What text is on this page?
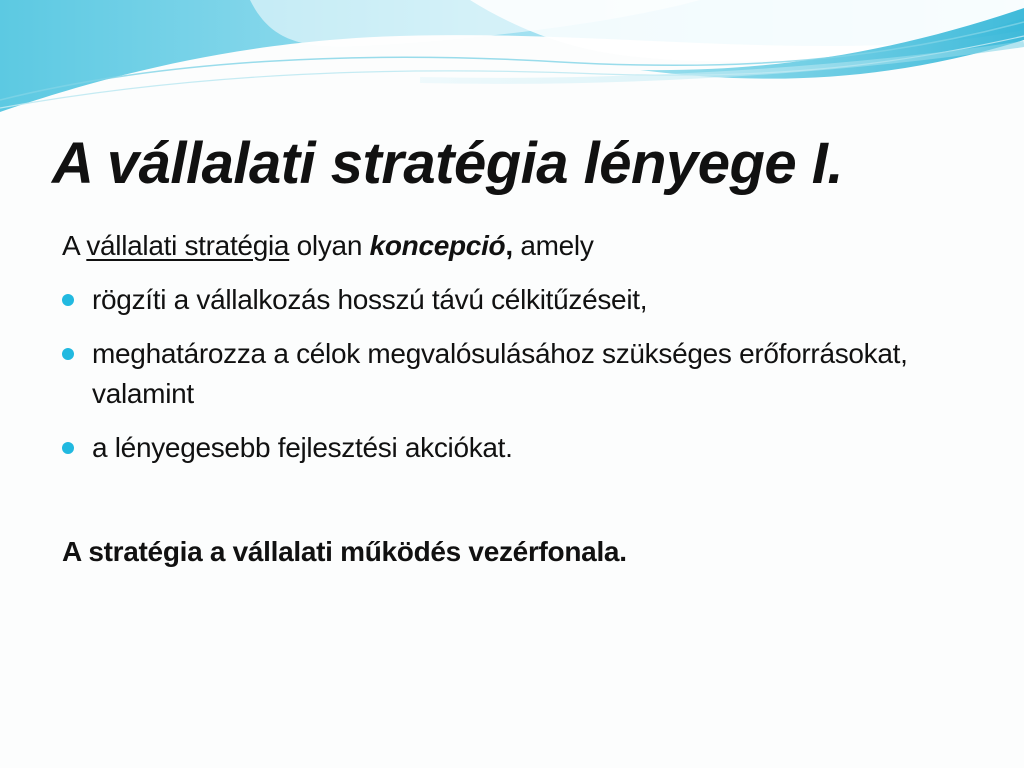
A vállalati stratégia lényege I.

A vállalati stratégia olyan koncepció, amely

rögzíti a vállalkozás hosszú távú célkitűzéseit,
meghatározza a célok megvalósulásához szükséges erőforrásokat, valamint
a lényegesebb fejlesztési akciókat.

A stratégia a vállalati működés vezérfonala.
